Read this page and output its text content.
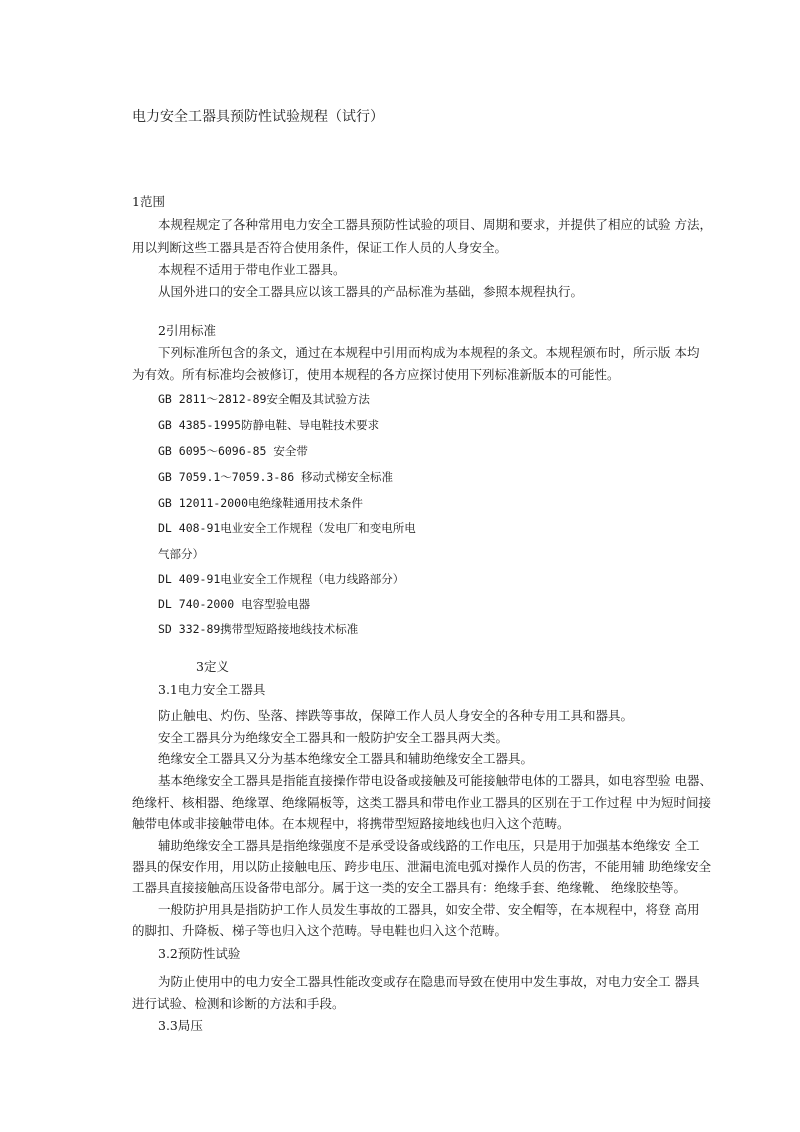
电力安全工器具预防性试验规程（试行）
1范围
本规程规定了各种常用电力安全工器具预防性试验的项目、周期和要求，并提供了相应的试验 方法，
用以判断这些工器具是否符合使用条件，保证工作人员的人身安全。
本规程不适用于带电作业工器具。
从国外进口的安全工器具应以该工器具的产品标准为基础，参照本规程执行。
2引用标准
下列标准所包含的条文，通过在本规程中引用而构成为本规程的条文。本规程颁布时，所示版 本均
为有效。所有标准均会被修订，使用本规程的各方应探讨使用下列标准新版本的可能性。
GB 2811～2812-89安全帽及其试验方法
GB 4385-1995防静电鞋、导电鞋技术要求
GB 6095～6096-85 安全带
GB 7059.1～7059.3-86 移动式梯安全标准
GB 12011-2000电绝缘鞋通用技术条件
DL 408-91电业安全工作规程（发电厂和变电所电
气部分）
DL 409-91电业安全工作规程（电力线路部分）
DL 740-2000 电容型验电器
SD 332-89携带型短路接地线技术标准
3定义
3.1电力安全工器具
防止触电、灼伤、坠落、摔跌等事故，保障工作人员人身安全的各种专用工具和器具。
安全工器具分为绝缘安全工器具和一般防护安全工器具两大类。
绝缘安全工器具又分为基本绝缘安全工器具和辅助绝缘安全工器具。
基本绝缘安全工器具是指能直接操作带电设备或接触及可能接触带电体的工器具，如电容型验 电器、
绝缘杆、核相器、绝缘罩、绝缘隔板等，这类工器具和带电作业工器具的区别在于工作过程 中为短时间接
触带电体或非接触带电体。在本规程中，将携带型短路接地线也归入这个范畴。
辅助绝缘安全工器具是指绝缘强度不是承受设备或线路的工作电压，只是用于加强基本绝缘安 全工
器具的保安作用，用以防止接触电压、跨步电压、泄漏电流电弧对操作人员的伤害，不能用辅 助绝缘安全
工器具直接接触高压设备带电部分。属于这一类的安全工器具有：绝缘手套、绝缘靴、 绝缘胶垫等。
一般防护用具是指防护工作人员发生事故的工器具，如安全带、安全帽等，在本规程中，将登 高用
的脚扣、升降板、梯子等也归入这个范畴。导电鞋也归入这个范畴。
3.2预防性试验
为防止使用中的电力安全工器具性能改变或存在隐患而导致在使用中发生事故，对电力安全工 器具
进行试验、检测和诊断的方法和手段。
3.3局压
